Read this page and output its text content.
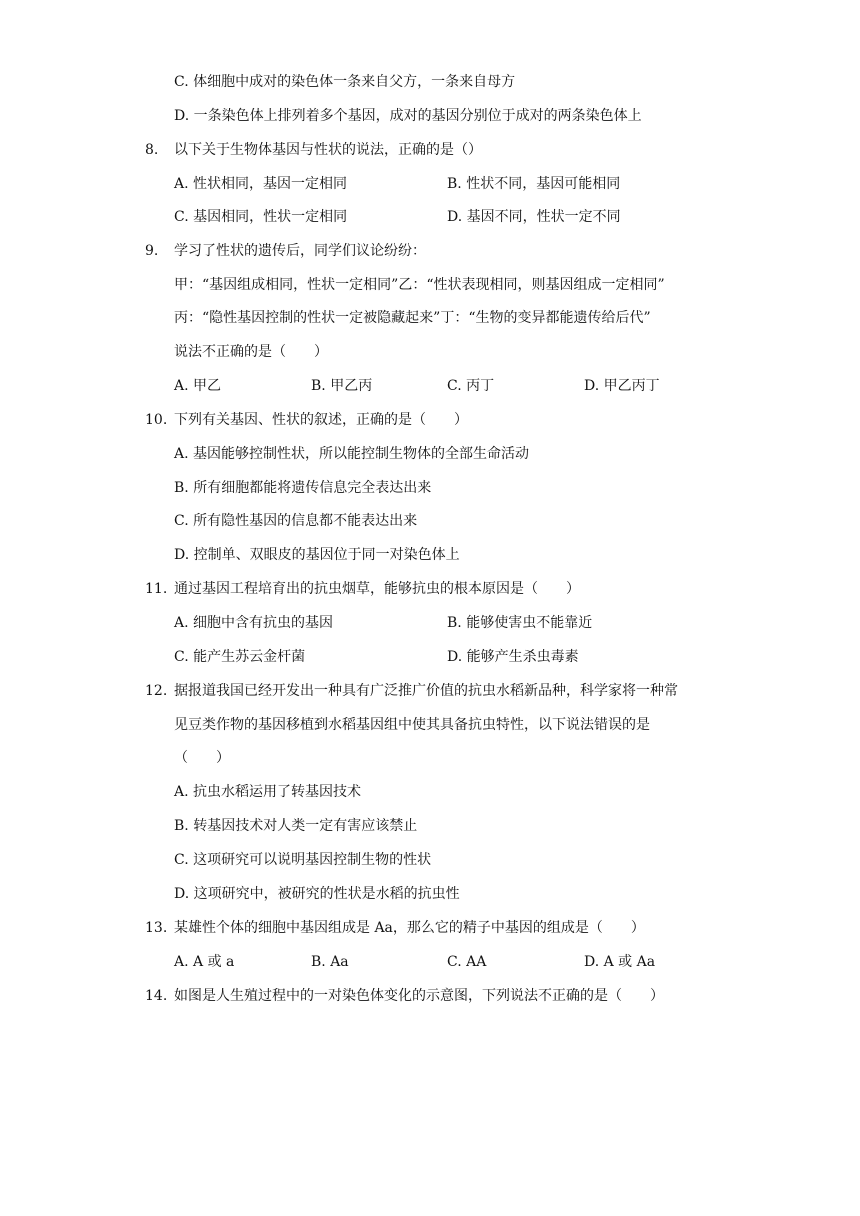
C. 体细胞中成对的染色体一条来自父方，一条来自母方
D. 一条染色体上排列着多个基因，成对的基因分别位于成对的两条染色体上
8. 以下关于生物体基因与性状的说法，正确的是（）
A. 性状相同，基因一定相同	B. 性状不同，基因可能相同
C. 基因相同，性状一定相同	D. 基因不同，性状一定不同
9. 学习了性状的遗传后，同学们议论纷纷：
甲：“基因组成相同，性状一定相同”乙：“性状表现相同，则基因组成一定相同”
丙：“隐性基因控制的性状一定被隐藏起来”丁：“生物的变异都能遗传给后代”
说法不正确的是（　　）
A. 甲乙	B. 甲乙丙	C. 丙丁	D. 甲乙丙丁
10. 下列有关基因、性状的叙述，正确的是（　　）
A. 基因能够控制性状，所以能控制生物体的全部生命活动
B. 所有细胞都能将遗传信息完全表达出来
C. 所有隐性基因的信息都不能表达出来
D. 控制单、双眼皮的基因位于同一对染色体上
11. 通过基因工程培育出的抗虫烟草，能够抗虫的根本原因是（　　）
A. 细胞中含有抗虫的基因	B. 能够使害虫不能靠近
C. 能产生苏云金杆菌	D. 能够产生杀虫毒素
12. 据报道我国已经开发出一种具有广泛推广价值的抗虫水稻新品种，科学家将一种常
见豆类作物的基因移植到水稻基因组中使其具备抗虫特性，以下说法错误的是
（　　）
A. 抗虫水稻运用了转基因技术
B. 转基因技术对人类一定有害应该禁止
C. 这项研究可以说明基因控制生物的性状
D. 这项研究中，被研究的性状是水稻的抗虫性
13. 某雄性个体的细胞中基因组成是 Aa，那么它的精子中基因的组成是（　　）
A. A 或 a	B. Aa	C. AA	D. A 或 Aa
14. 如图是人生殖过程中的一对染色体变化的示意图，下列说法不正确的是（　　）
